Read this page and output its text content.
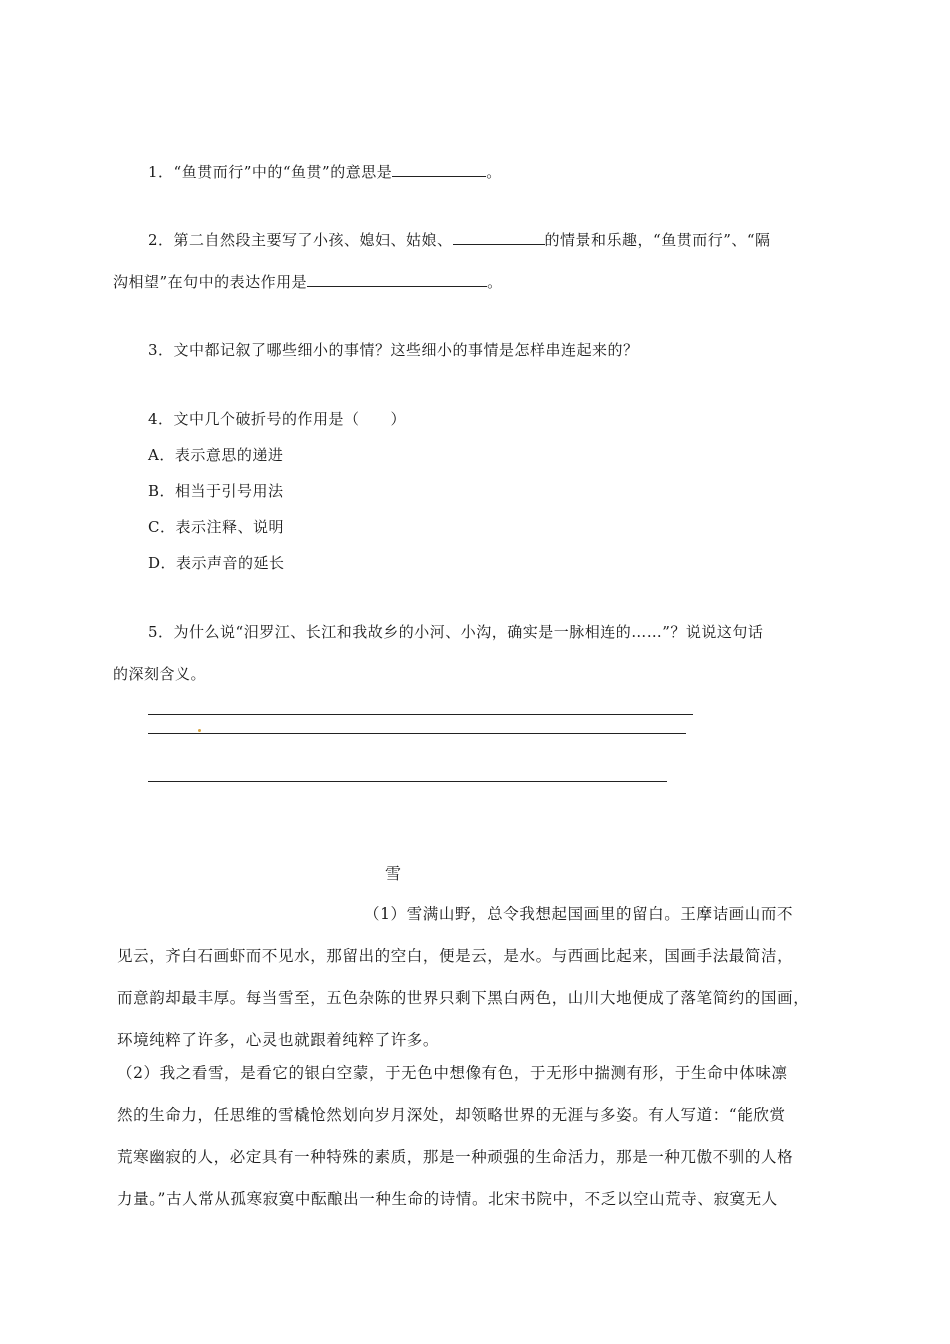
1．“鱼贯而行”中的“鱼贯”的意思是	。
2．第二自然段主要写了小孩、媳妇、姑娘、	的情景和乐趣，“鱼贯而行”、“隔
沟相望”在句中的表达作用是	。
3．文中都记叙了哪些细小的事情？这些细小的事情是怎样串连起来的？
4．文中几个破折号的作用是（　　）
A．表示意思的递进
B．相当于引号用法
C．表示注释、说明
D．表示声音的延长
5．为什么说“汨罗江、长江和我故乡的小河、小沟，确实是一脉相连的……”？说说这句话
的深刻含义。
雪
（1）雪满山野，总令我想起国画里的留白。王摩诘画山而不
见云，齐白石画虾而不见水，那留出的空白，便是云，是水。与西画比起来，国画手法最简洁，
而意韵却最丰厚。每当雪至，五色杂陈的世界只剩下黑白两色，山川大地便成了落笔简约的国画，
环境纯粹了许多，心灵也就跟着纯粹了许多。
（2）我之看雪，是看它的银白空蒙，于无色中想像有色，于无形中揣测有形，于生命中体味凛
然的生命力，任思维的雪橇怆然划向岁月深处，却领略世界的无涯与多姿。有人写道：“能欣赏
荒寒幽寂的人，必定具有一种特殊的素质，那是一种顽强的生命活力，那是一种兀傲不驯的人格
力量。”古人常从孤寒寂寞中酝酿出一种生命的诗情。北宋书院中，不乏以空山荒寺、寂寞无人
